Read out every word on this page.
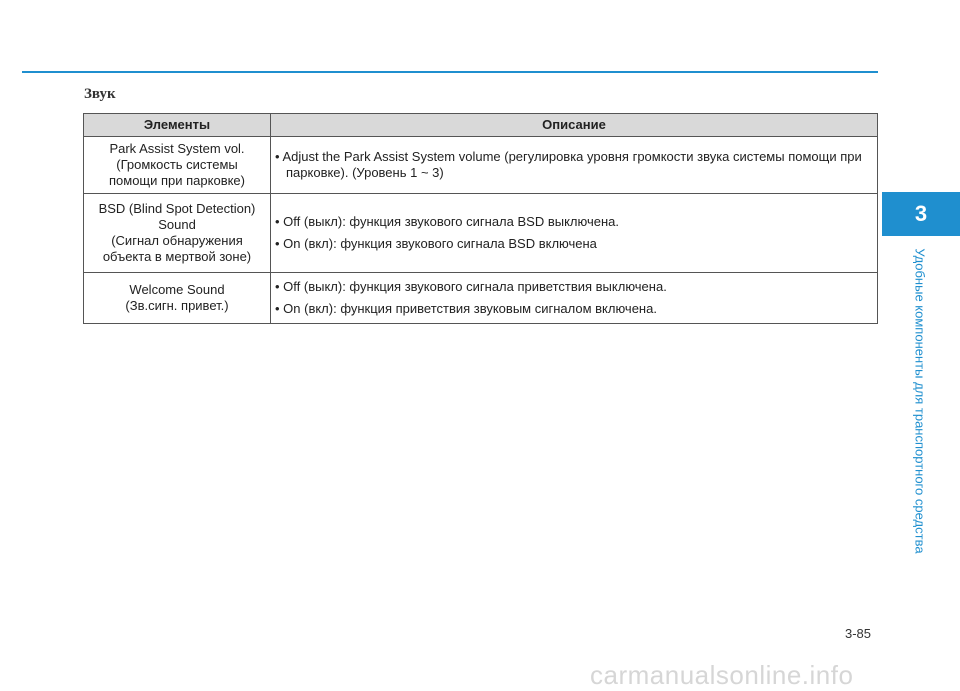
Звук
Элементы	Описание

Park Assist System vol.
(Громкость системы
помощи при парковке)	• Adjust the Park Assist System volume (регулировка уровня громкости звука системы помощи при парковке). (Уровень 1 ~ 3)

BSD (Blind Spot Detection)
Sound
(Сигнал обнаружения
объекта в мертвой зоне)	• Off (выкл): функция звукового сигнала BSD выключена.
• On (вкл): функция звукового сигнала BSD включена

Welcome Sound
(Зв.сигн. привет.)	• Off (выкл): функция звукового сигнала приветствия выключена.
• On (вкл): функция приветствия звуковым сигналом включена.
3
Удобные компоненты для транспортного средства
3-85
carmanualsonline.info
